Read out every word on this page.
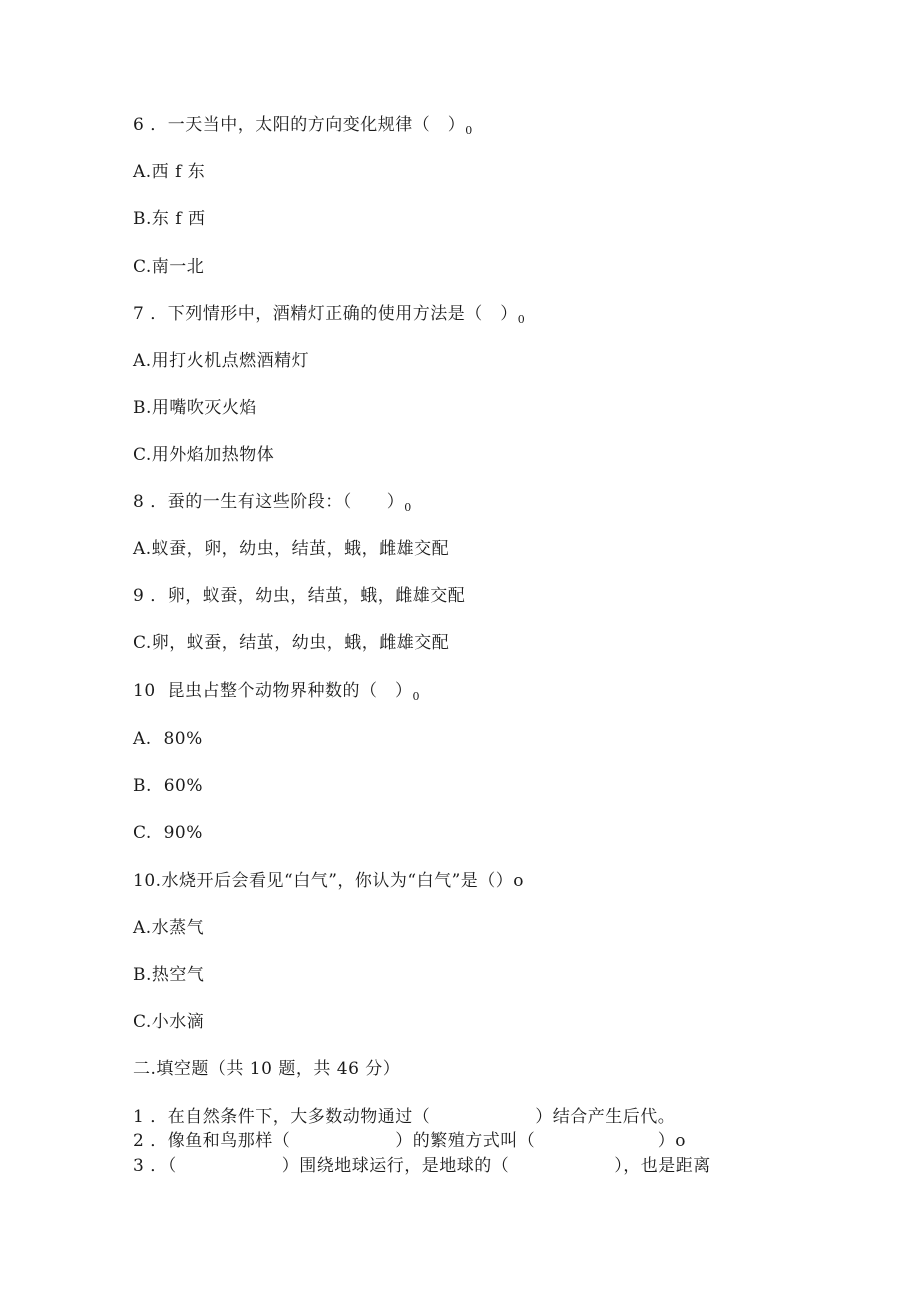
6 ．一天当中，太阳的方向变化规律（　）$_0$
A.西 f 东
B.东 f 西
C.南一北
7 ．下列情形中，酒精灯正确的使用方法是（　）$_0$
A.用打火机点燃酒精灯
B.用嘴吹灭火焰
C.用外焰加热物体
8 ．蚕的一生有这些阶段：（　　）$_0$
A.蚁蚕，卵，幼虫，结茧，蛾，雌雄交配
9 ．卵，蚁蚕，幼虫，结茧，蛾，雌雄交配
C.卵，蚁蚕，结茧，幼虫，蛾，雌雄交配
10  昆虫占整个动物界种数的（　）$_0$
A.  80%
B.  60%
C.  90%
10.水烧开后会看见“白气”，你认为“白气”是（）o
A.水蒸气
B.热空气
C.小水滴
二.填空题（共 10 题，共 46 分）
1 ．在自然条件下，大多数动物通过（　　　　　　）结合产生后代。
2 ．像鱼和鸟那样（　　　　　　）的繁殖方式叫（　　　　　　　）o
3 ．（　　　　　　）围绕地球运行，是地球的（　　　　　　），也是距离
